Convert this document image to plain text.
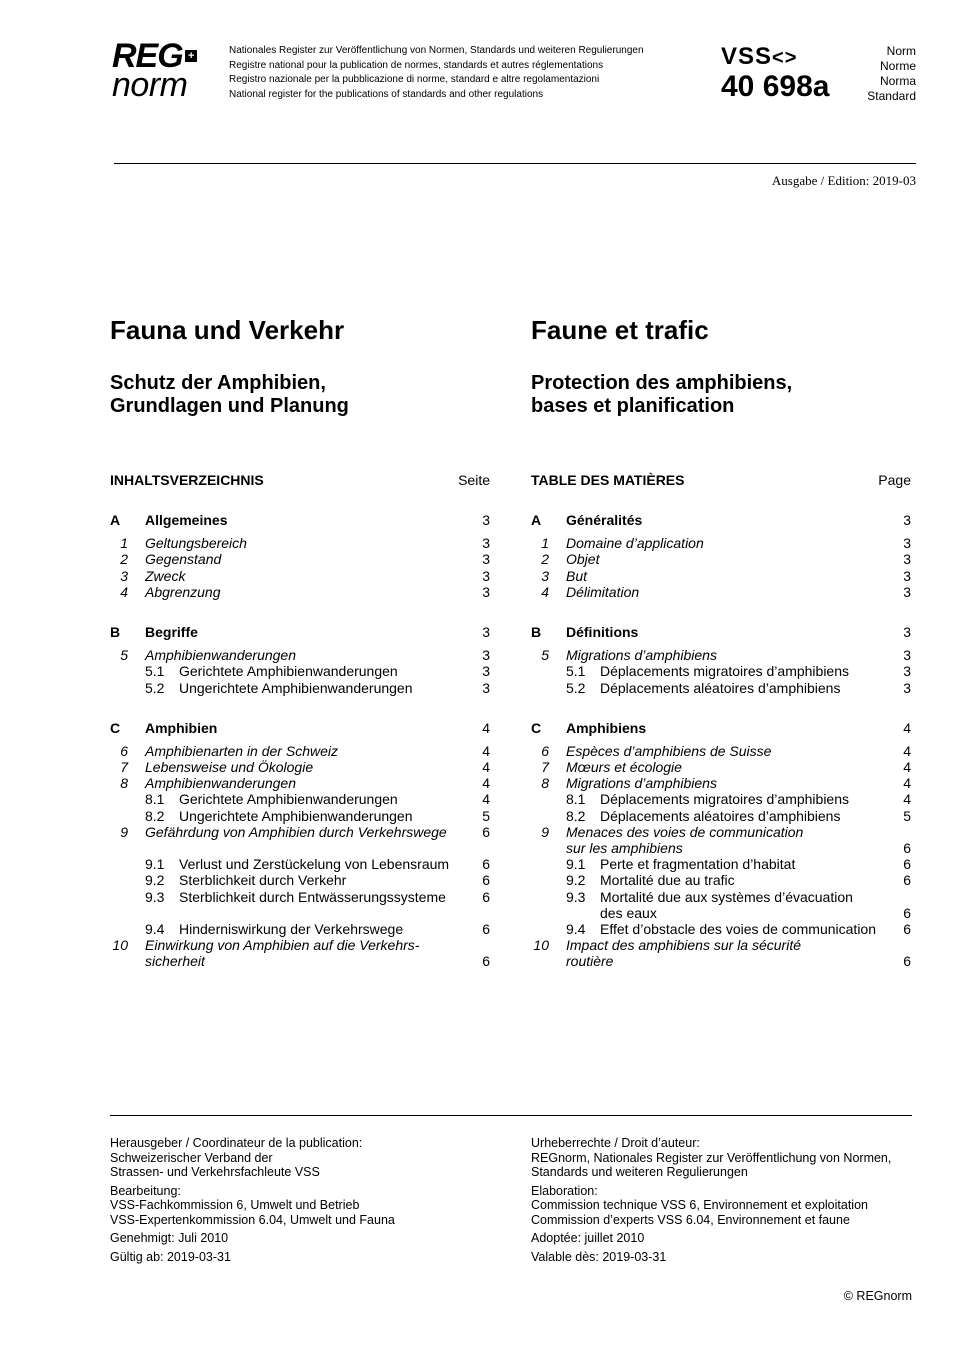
REG +
norm
Nationales Register zur Veröffentlichung von Normen, Standards und weiteren Regulierungen
Registre national pour la publication de normes, standards et autres réglementations
Registro nazionale per la pubblicazione di norme, standard e altre regolamentazioni
National register for the publications of standards and other regulations
VSS<>
40 698a
Norm
Norme
Norma
Standard
Ausgabe / Edition: 2019-03
Fauna und Verkehr
Schutz der Amphibien,
Grundlagen und Planung
INHALTSVERZEICHNIS	Seite
A Allgemeines	3
1 Geltungsbereich	3
2 Gegenstand	3
3 Zweck	3
4 Abgrenzung	3
B Begriffe	3
5 Amphibienwanderungen	3
5.1 Gerichtete Amphibienwanderungen	3
5.2 Ungerichtete Amphibienwanderungen	3
C Amphibien	4
6 Amphibienarten in der Schweiz	4
7 Lebensweise und Ökologie	4
8 Amphibienwanderungen	4
8.1 Gerichtete Amphibienwanderungen	4
8.2 Ungerichtete Amphibienwanderungen	5
9 Gefährdung von Amphibien durch Verkehrswege	6
9.1 Verlust und Zerstückelung von Lebensraum 6
9.2 Sterblichkeit durch Verkehr	6
9.3 Sterblichkeit durch Entwässerungssysteme	6
9.4 Hinderniswirkung der Verkehrswege	6
10 Einwirkung von Amphibien auf die Verkehrs-
sicherheit	6
Faune et trafic
Protection des amphibiens,
bases et planification
TABLE DES MATIÈRES	Page
A Généralités	3
1 Domaine d’application	3
2 Objet	3
3 But	3
4 Délimitation	3
B Définitions	3
5 Migrations d’amphibiens	3
5.1 Déplacements migratoires d’amphibiens	3
5.2 Déplacements aléatoires d’amphibiens	3
C Amphibiens	4
6 Espèces d’amphibiens de Suisse	4
7 Mœurs et écologie	4
8 Migrations d’amphibiens	4
8.1 Déplacements migratoires d’amphibiens	4
8.2 Déplacements aléatoires d’amphibiens	5
9 Menaces des voies de communication
sur les amphibiens	6
9.1 Perte et fragmentation d’habitat	6
9.2 Mortalité due au trafic	6
9.3 Mortalité due aux systèmes d’évacuation
des eaux	6
9.4 Effet d’obstacle des voies de communication 6
10 Impact des amphibiens sur la sécurité
routière	6
Herausgeber / Coordinateur de la publication:
Schweizerischer Verband der
Strassen- und Verkehrsfachleute VSS
Bearbeitung:
VSS-Fachkommission 6, Umwelt und Betrieb
VSS-Expertenkommission 6.04, Umwelt und Fauna
Genehmigt: Juli 2010
Gültig ab: 2019-03-31
Urheberrechte / Droit d’auteur:
REGnorm, Nationales Register zur Veröffentlichung von Normen,
Standards und weiteren Regulierungen
Elaboration:
Commission technique VSS 6, Environnement et exploitation
Commission d’experts VSS 6.04, Environnement et faune
Adoptée: juillet 2010
Valable dès: 2019-03-31
© REGnorm
